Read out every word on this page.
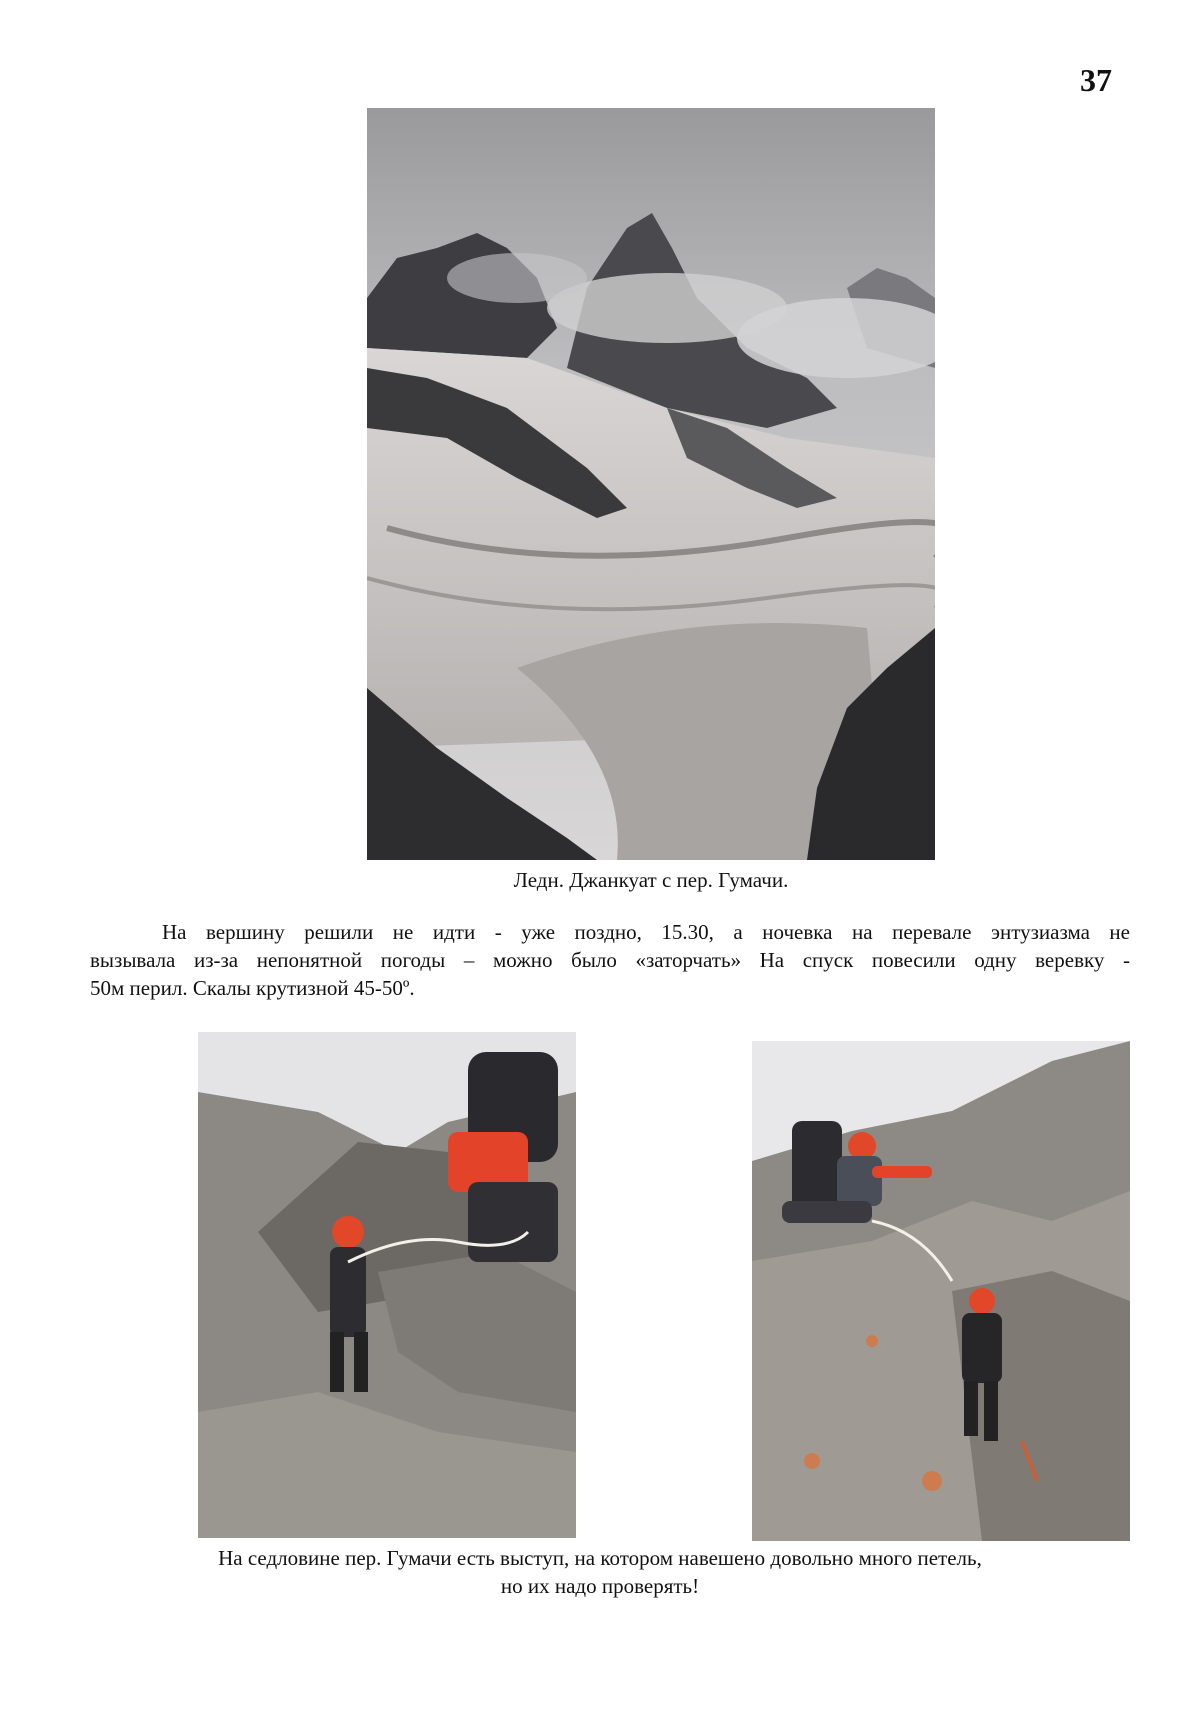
37
Ледн. Джанкуат с пер. Гумачи.
На вершину решили не идти - уже поздно, 15.30, а ночевка на перевале энтузиазма не
вызывала из-за непонятной погоды – можно было «заторчать» На спуск повесили одну веревку -
50м перил. Скалы крутизной 45-50º.
На седловине пер. Гумачи есть выступ, на котором навешено довольно много петель,
но их надо проверять!
